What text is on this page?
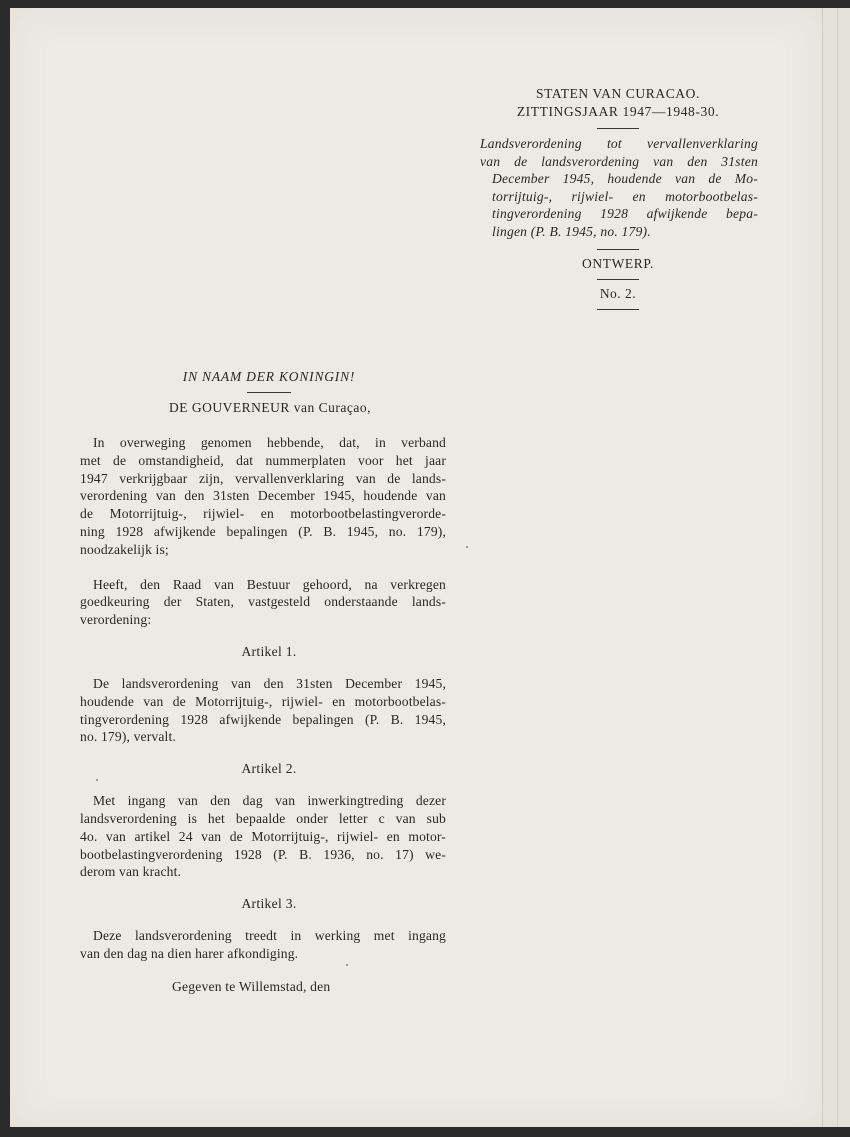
STATEN VAN CURACAO.
ZITTINGSJAAR 1947—1948-30.
Landsverordening tot vervallenverklaring
van de landsverordening van den 31sten
December 1945, houdende van de Mo-
torrijtuig-, rijwiel- en motorbootbelas-
tingverordening 1928 afwijkende bepa-
lingen (P. B. 1945, no. 179).
ONTWERP.
No. 2.
IN NAAM DER KONINGIN!
DE GOUVERNEUR van Curaçao,
In overweging genomen hebbende, dat, in verband
met de omstandigheid, dat nummerplaten voor het jaar
1947 verkrijgbaar zijn, vervallenverklaring van de lands-
verordening van den 31sten December 1945, houdende van
de Motorrijtuig-, rijwiel- en motorbootbelastingverorde-
ning 1928 afwijkende bepalingen (P. B. 1945, no. 179),
noodzakelijk is;
Heeft, den Raad van Bestuur gehoord, na verkregen
goedkeuring der Staten, vastgesteld onderstaande lands-
verordening:
Artikel 1.
De landsverordening van den 31sten December 1945,
houdende van de Motorrijtuig-, rijwiel- en motorbootbelas-
tingverordening 1928 afwijkende bepalingen (P. B. 1945,
no. 179), vervalt.
Artikel 2.
Met ingang van den dag van inwerkingtreding dezer
landsverordening is het bepaalde onder letter c van sub
4o. van artikel 24 van de Motorrijtuig-, rijwiel- en motor-
bootbelastingverordening 1928 (P. B. 1936, no. 17) we-
derom van kracht.
Artikel 3.
Deze landsverordening treedt in werking met ingang
van den dag na dien harer afkondiging.
Gegeven te Willemstad, den
